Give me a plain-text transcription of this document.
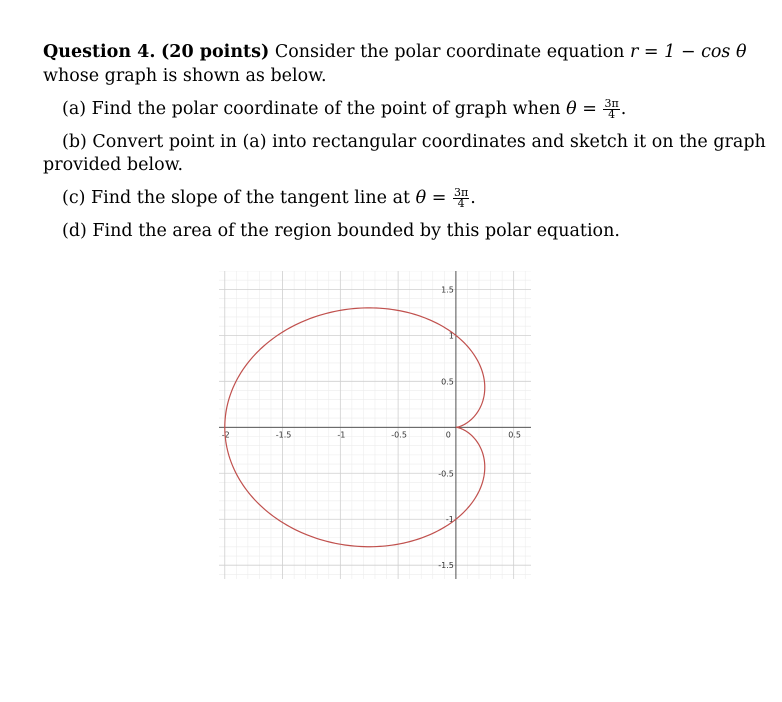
Question 4. (20 points) Consider the polar coordinate equation r = 1 − cos θ
whose graph is shown as below.
(a) Find the polar coordinate of the point of graph when $\theta = \frac{3\pi}{4}$ .
(b) Convert point in (a) into rectangular coordinates and sketch it on the graph
provided below.
(c) Find the slope of the tangent line at $\theta = \frac{3\pi}{4}$ .
(d) Find the area of the region bounded by this polar equation.
-2	-1.5	-1	-0.5	0	0.5
1.5
1
0.5
-0.5
-1
-1.5
